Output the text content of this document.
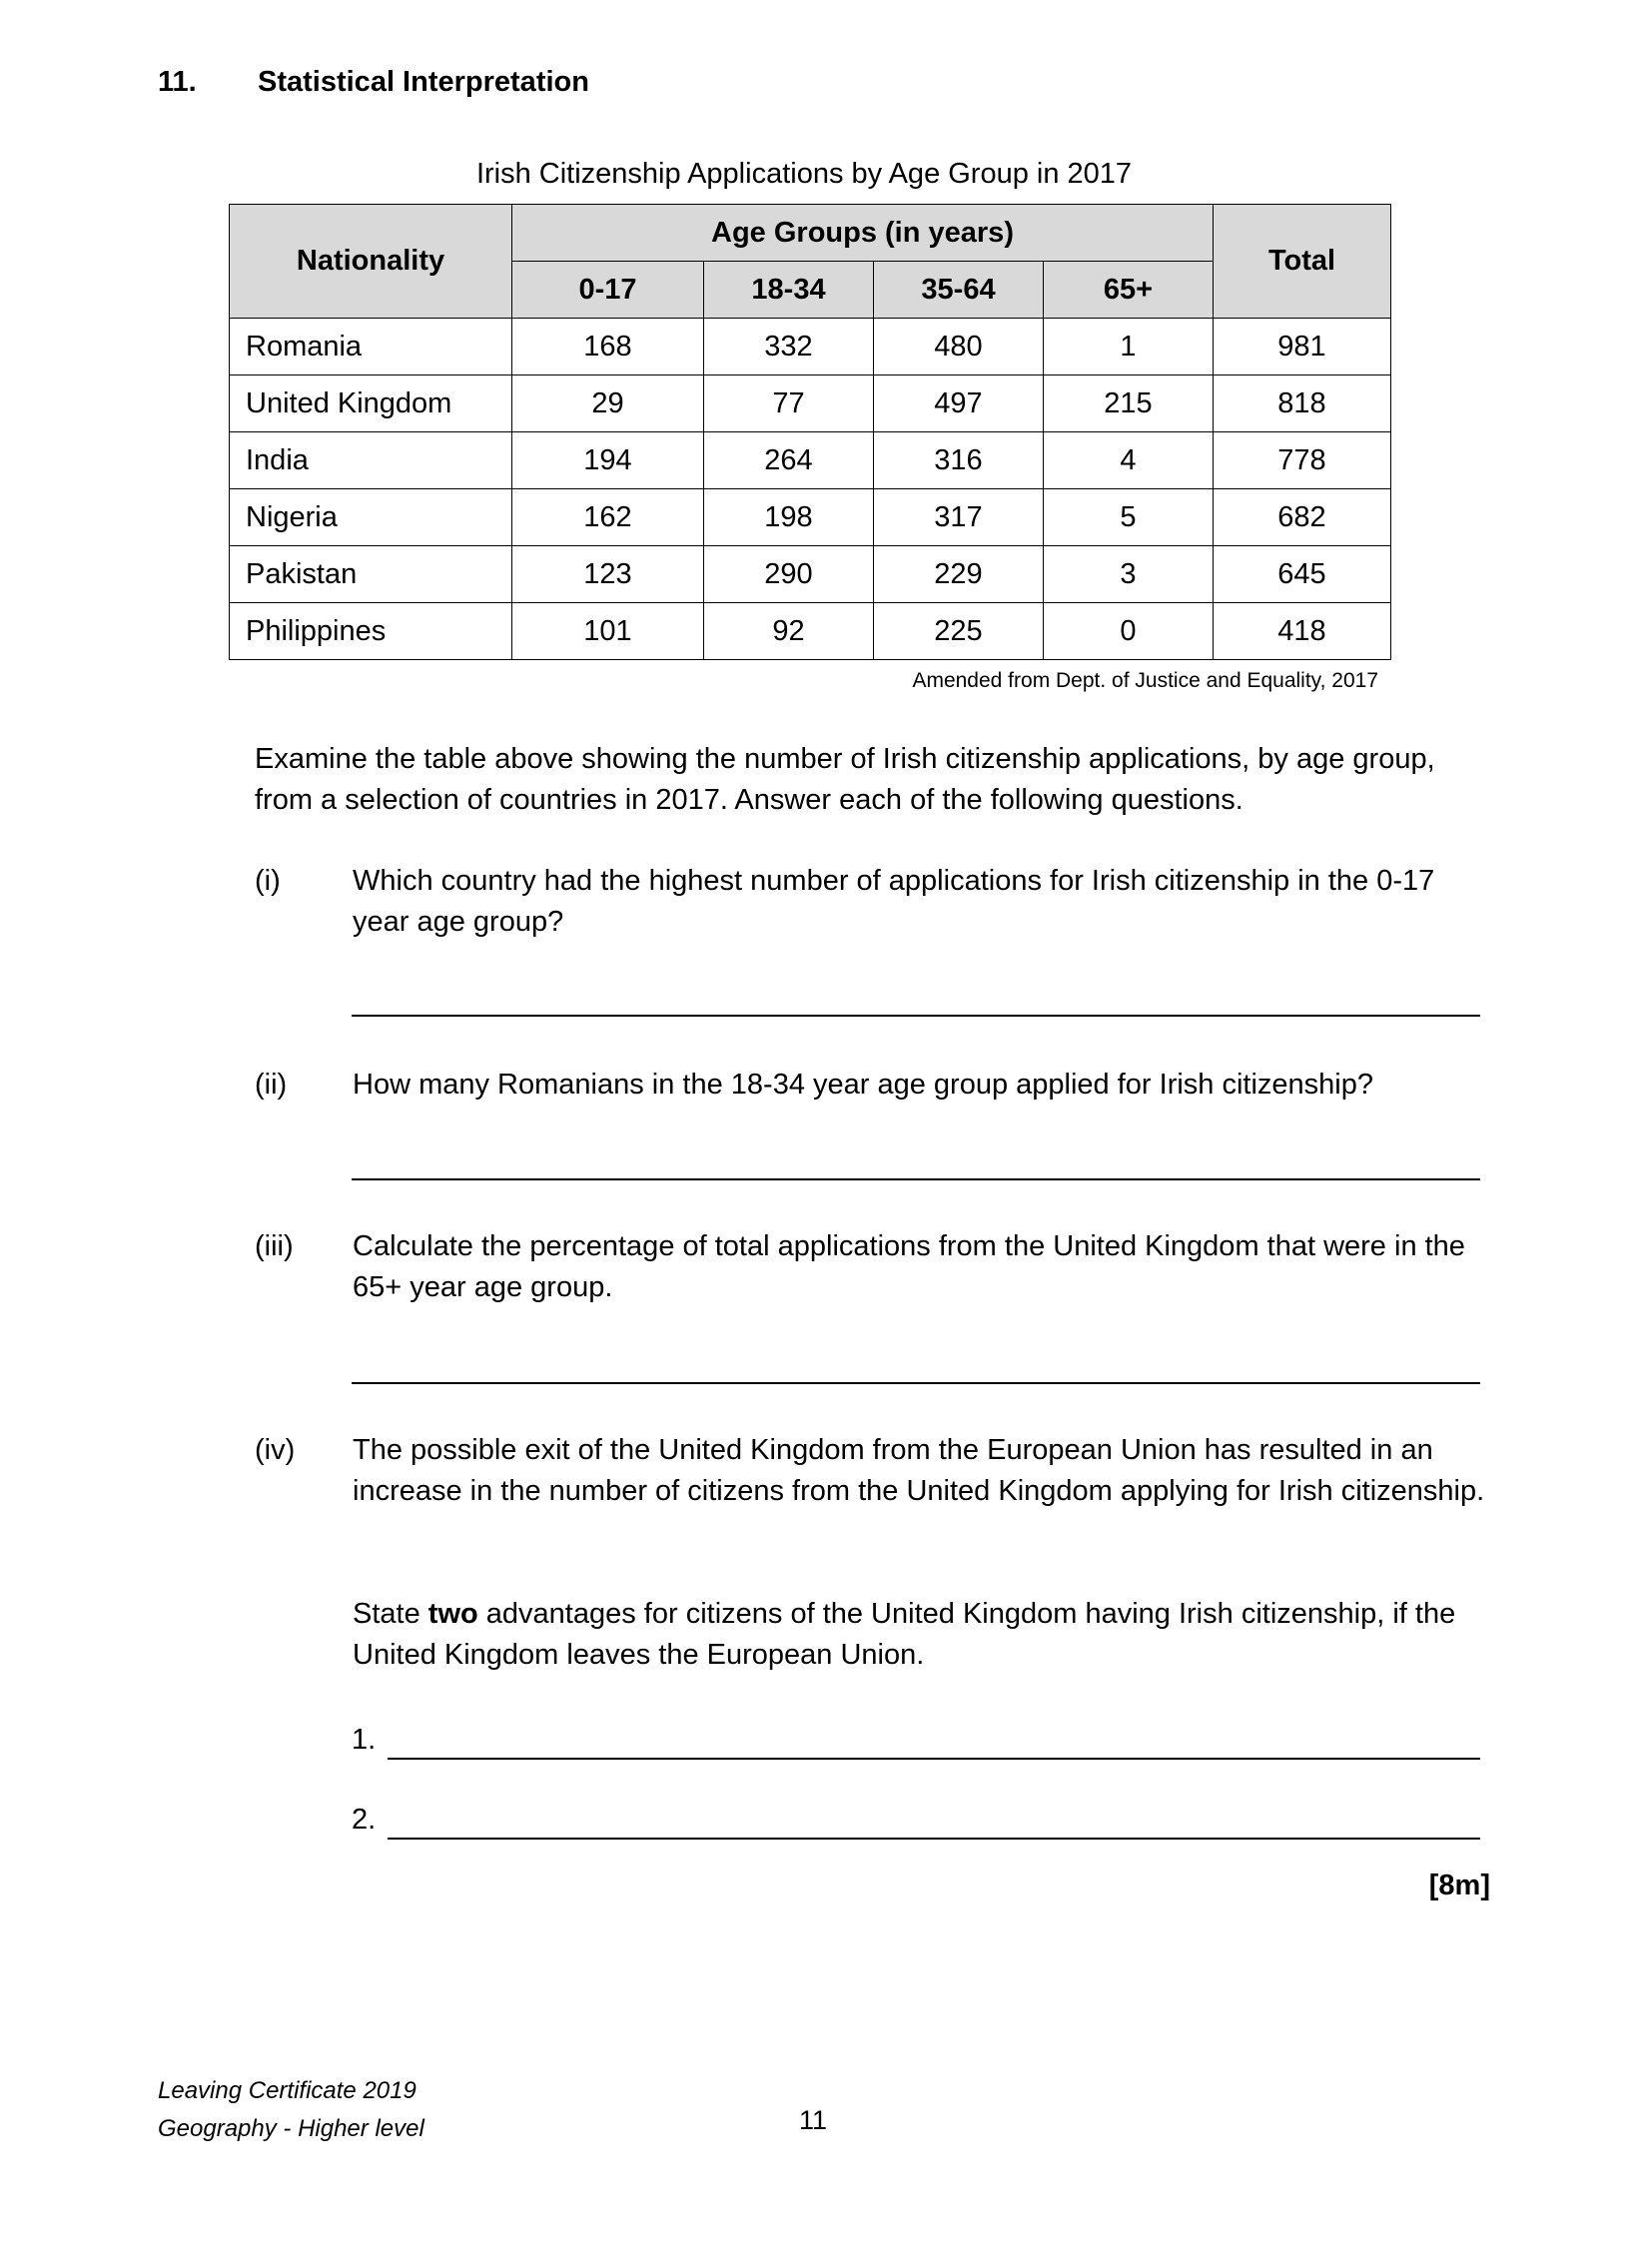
11. Statistical Interpretation
Irish Citizenship Applications by Age Group in 2017
Nationality	Age Groups (in years)				Total
	0-17	18-34	35-64	65+	
Romania	168	332	480	1	981
United Kingdom	29	77	497	215	818
India	194	264	316	4	778
Nigeria	162	198	317	5	682
Pakistan	123	290	229	3	645
Philippines	101	92	225	0	418
Amended from Dept. of Justice and Equality, 2017
Examine the table above showing the number of Irish citizenship applications, by age group, from a selection of countries in 2017. Answer each of the following questions.
(i)	Which country had the highest number of applications for Irish citizenship in the 0-17 year age group?
(ii)	How many Romanians in the 18-34 year age group applied for Irish citizenship?
(iii)	Calculate the percentage of total applications from the United Kingdom that were in the 65+ year age group.
(iv)	The possible exit of the United Kingdom from the European Union has resulted in an increase in the number of citizens from the United Kingdom applying for Irish citizenship.
State two advantages for citizens of the United Kingdom having Irish citizenship, if the United Kingdom leaves the European Union.
1.
2.
[8m]
Leaving Certificate 2019
Geography - Higher level	11
